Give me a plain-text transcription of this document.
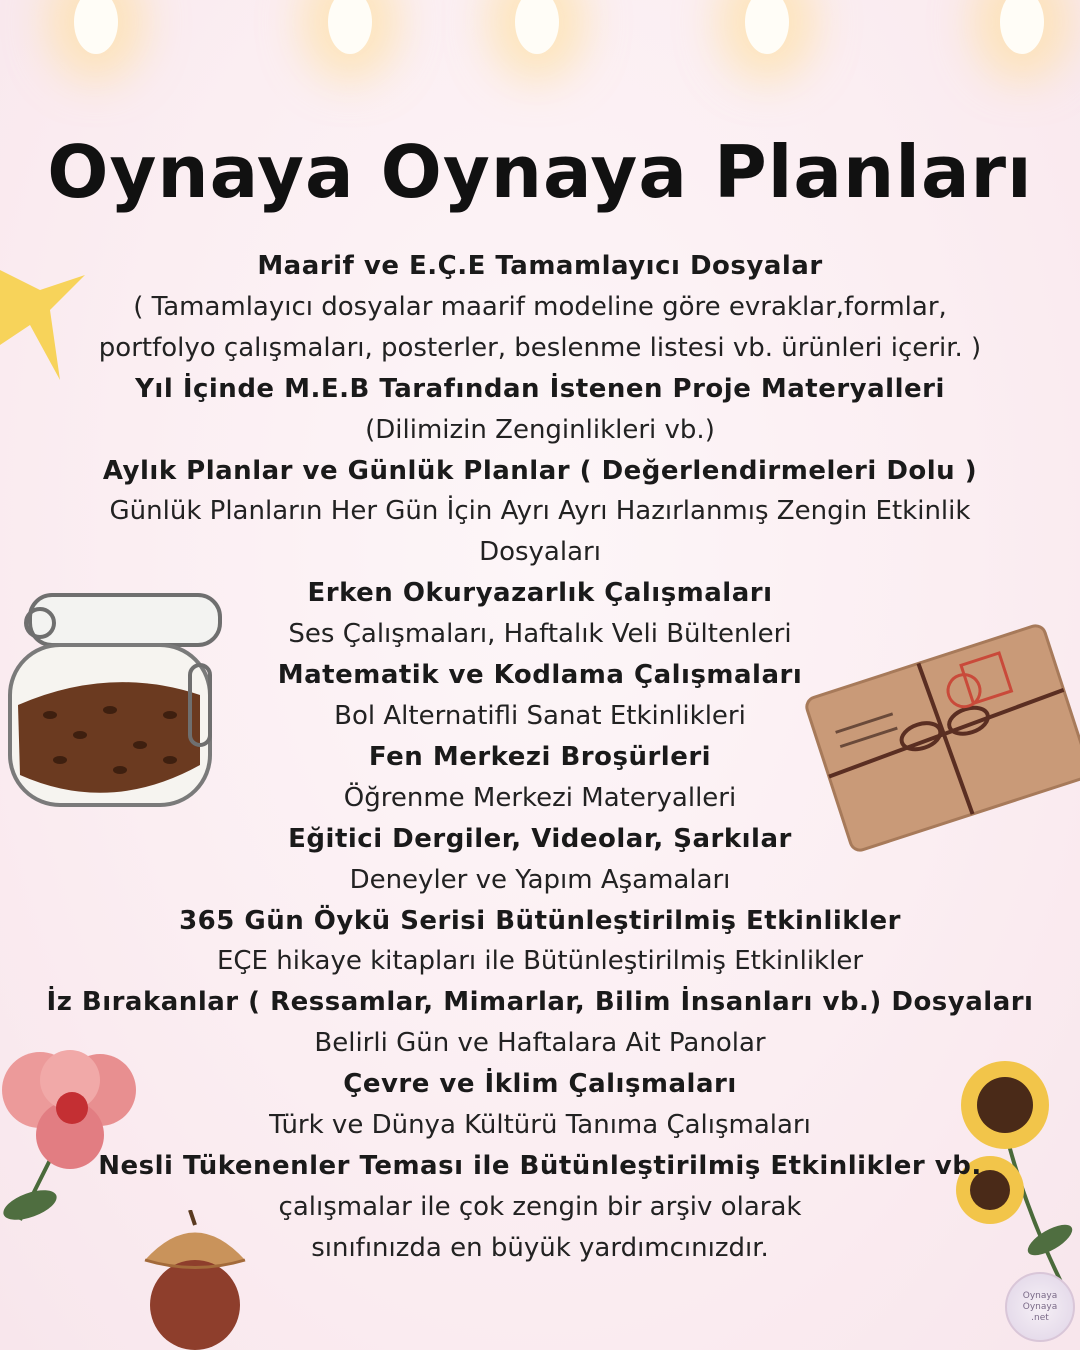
Oynaya Oynaya .net
Oynaya Oynaya Planları
Maarif ve E.Ç.E Tamamlayıcı Dosyalar
( Tamamlayıcı dosyalar maarif modeline göre evraklar,formlar,
portfolyo çalışmaları, posterler, beslenme listesi vb. ürünleri içerir. )
Yıl İçinde M.E.B Tarafından İstenen Proje Materyalleri
(Dilimizin Zenginlikleri vb.)
Aylık Planlar ve Günlük Planlar ( Değerlendirmeleri Dolu )
Günlük Planların Her Gün İçin Ayrı Ayrı Hazırlanmış Zengin Etkinlik
Dosyaları
Erken Okuryazarlık Çalışmaları
Ses Çalışmaları, Haftalık Veli Bültenleri
Matematik ve Kodlama Çalışmaları
Bol Alternatifli Sanat Etkinlikleri
Fen Merkezi Broşürleri
Öğrenme Merkezi Materyalleri
Eğitici Dergiler, Videolar, Şarkılar
Deneyler ve Yapım Aşamaları
365 Gün Öykü Serisi Bütünleştirilmiş Etkinlikler
EÇE hikaye kitapları ile Bütünleştirilmiş Etkinlikler
İz Bırakanlar ( Ressamlar, Mimarlar, Bilim İnsanları vb.) Dosyaları
Belirli Gün ve Haftalara Ait Panolar
Çevre ve İklim Çalışmaları
Türk ve Dünya Kültürü Tanıma Çalışmaları
Nesli Tükenenler Teması ile Bütünleştirilmiş Etkinlikler vb.
çalışmalar ile çok zengin bir arşiv olarak
sınıfınızda en büyük yardımcınızdır.
